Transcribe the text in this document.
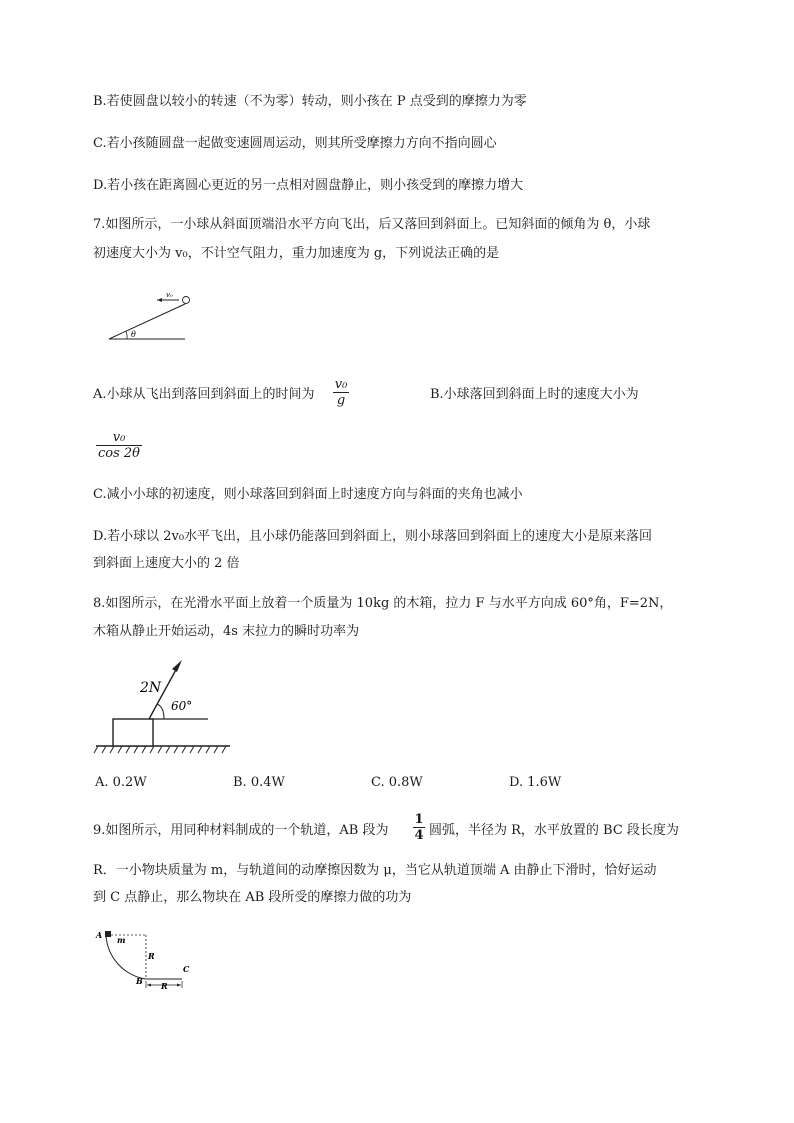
B.若使圆盘以较小的转速（不为零）转动，则小孩在 P 点受到的摩擦力为零
C.若小孩随圆盘一起做变速圆周运动，则其所受摩擦力方向不指向圆心
D.若小孩在距离圆心更近的另一点相对圆盘静止，则小孩受到的摩擦力增大
7.如图所示，一小球从斜面顶端沿水平方向飞出，后又落回到斜面上。已知斜面的倾角为 θ，小球
初速度大小为 v₀，不计空气阻力，重力加速度为 g，下列说法正确的是
v₀
θ
A.小球从飞出到落回到斜面上的时间为 $\frac{\text{v₀}}{g}$	B.小球落回到斜面上时的速度大小为
$\frac{\text{v₀}}{\cos 2\theta}$
C.减小小球的初速度，则小球落回到斜面上时速度方向与斜面的夹角也减小
D.若小球以 2v₀水平飞出，且小球仍能落回到斜面上，则小球落回到斜面上的速度大小是原来落回
到斜面上速度大小的 2 倍
8.如图所示，在光滑水平面上放着一个质量为 10kg 的木箱，拉力 F 与水平方向成 60°角，F=2N，
木箱从静止开始运动，4s 末拉力的瞬时功率为
2N
60°
A. 0.2W	B. 0.4W	C. 0.8W	D. 1.6W
9.如图所示，用同种材料制成的一个轨道，AB 段为 $\frac{1}{4}$ 圆弧，半径为 R，水平放置的 BC 段长度为
R．一小物块质量为 m，与轨道间的动摩擦因数为 μ，当它从轨道顶端 A 由静止下滑时，恰好运动
到 C 点静止，那么物块在 AB 段所受的摩擦力做的功为
A m
R
B
C
R
